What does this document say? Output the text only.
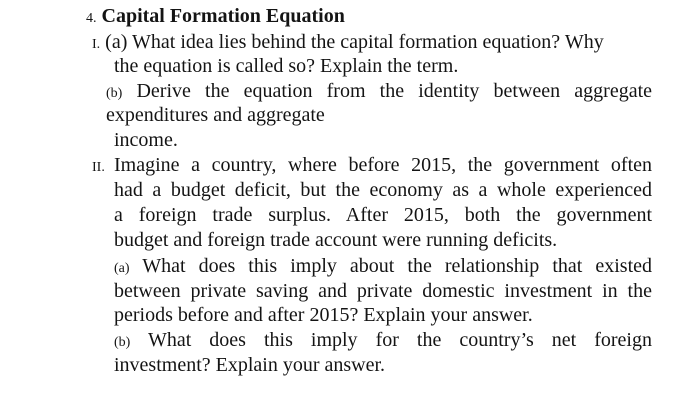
4. Capital Formation Equation
I. (a) What idea lies behind the capital formation equation? Why
the equation is called so? Explain the term.
(b) Derive the equation from the identity between aggregate
expenditures and aggregate
income.
II. Imagine a country, where before 2015, the government often
had a budget deficit, but the economy as a whole experienced
a foreign trade surplus. After 2015, both the government
budget and foreign trade account were running deficits.
(a) What does this imply about the relationship that existed
between private saving and private domestic investment in the
periods before and after 2015? Explain your answer.
(b) What does this imply for the country’s net foreign
investment? Explain your answer.
